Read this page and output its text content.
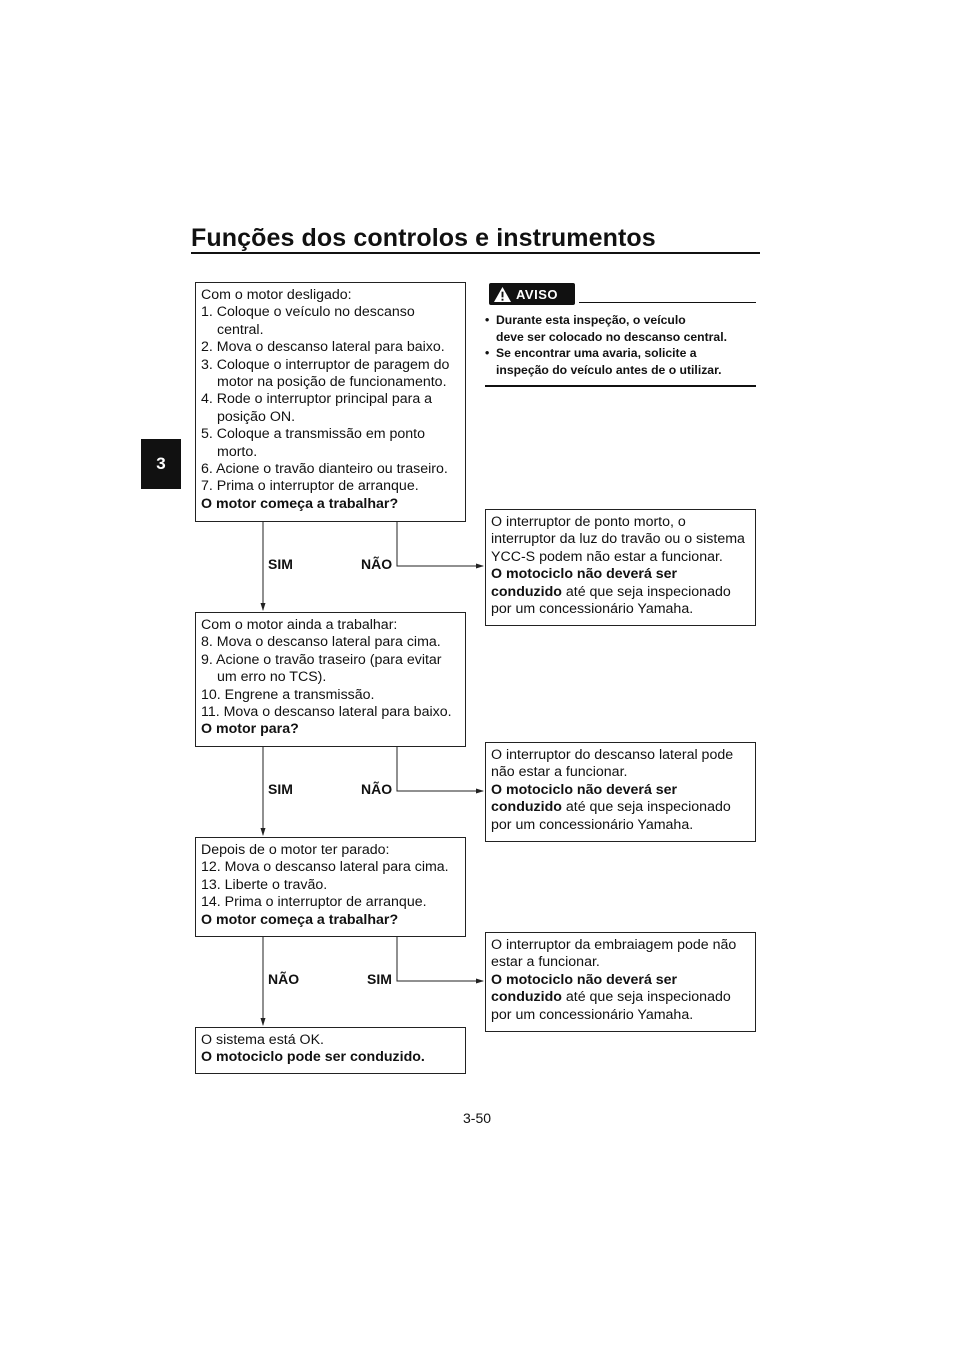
Funções dos controlos e instrumentos
3
Com o motor desligado:
1. Coloque o veículo no descanso
central.
2. Mova o descanso lateral para baixo.
3. Coloque o interruptor de paragem do
motor na posição de funcionamento.
4. Rode o interruptor principal para a
posição ON.
5. Coloque a transmissão em ponto
morto.
6. Acione o travão dianteiro ou traseiro.
7. Prima o interruptor de arranque.
O motor começa a trabalhar?
Com o motor ainda a trabalhar:
8. Mova o descanso lateral para cima.
9. Acione o travão traseiro (para evitar
um erro no TCS).
10. Engrene a transmissão.
11. Mova o descanso lateral para baixo.
O motor para?
Depois de o motor ter parado:
12. Mova o descanso lateral para cima.
13. Liberte o travão.
14. Prima o interruptor de arranque.
O motor começa a trabalhar?
O sistema está OK.
O motociclo pode ser conduzido.
O interruptor de ponto morto, o
interruptor da luz do travão ou o sistema
YCC-S podem não estar a funcionar.
O motociclo não deverá ser
conduzido até que seja inspecionado
por um concessionário Yamaha.
O interruptor do descanso lateral pode
não estar a funcionar.
O motociclo não deverá ser
conduzido até que seja inspecionado
por um concessionário Yamaha.
O interruptor da embraiagem pode não
estar a funcionar.
O motociclo não deverá ser
conduzido até que seja inspecionado
por um concessionário Yamaha.
SIM	NÃO
SIM	NÃO
NÃO	SIM
AVISO
• Durante esta inspeção, o veículo
deve ser colocado no descanso central.
• Se encontrar uma avaria, solicite a
inspeção do veículo antes de o utilizar.
3-50
